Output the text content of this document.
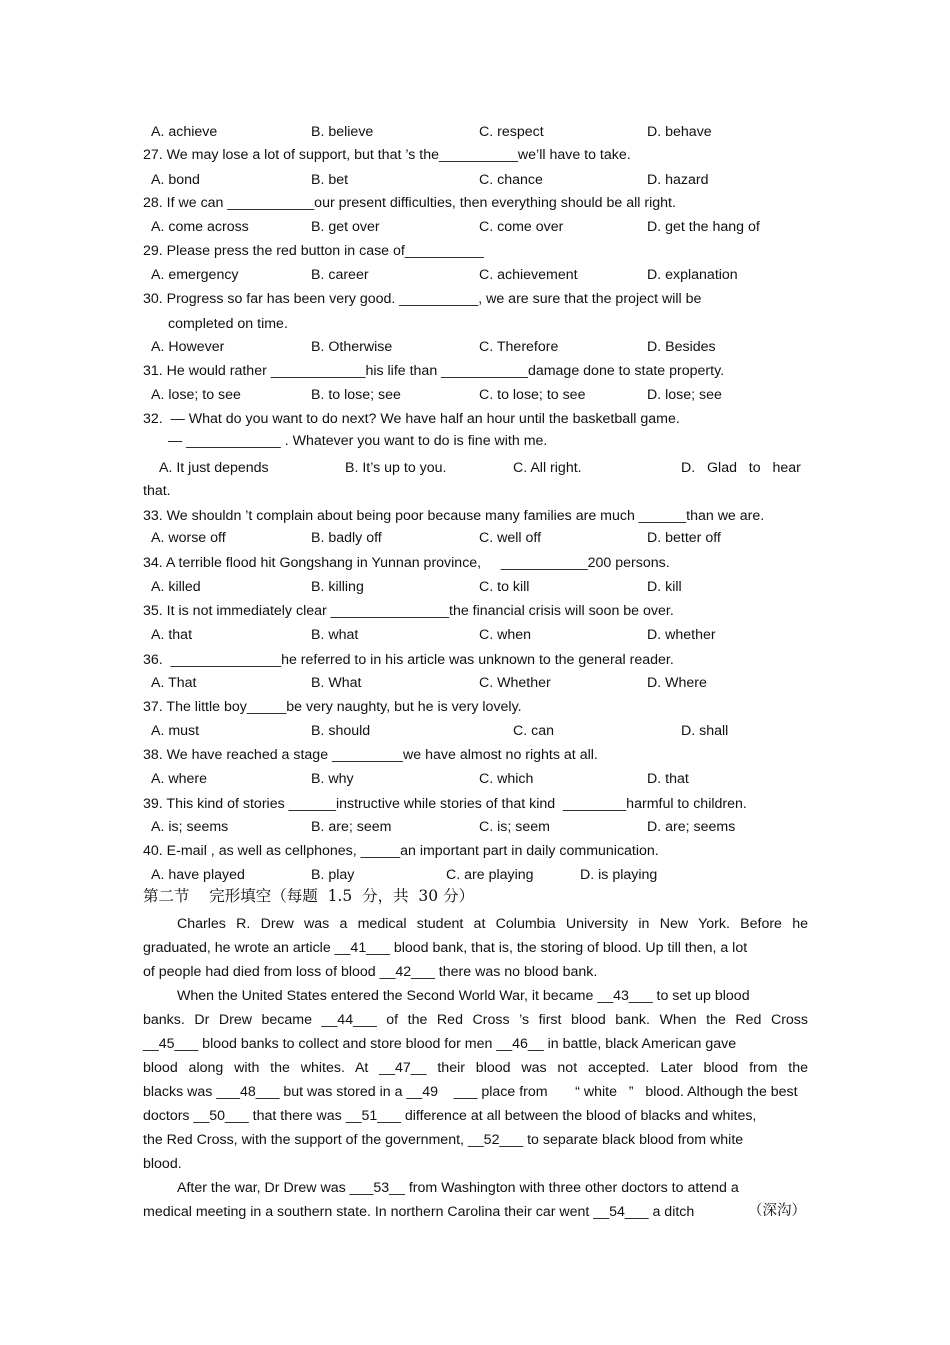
A. achieve	B. believe	C. respect	D. behave
27. We may lose a lot of support, but that ’s the__________we’ll have to take.
A. bond	B. bet	C. chance	D. hazard
28. If we can ___________our present difficulties, then everything should be all right.
A. come across	B. get over	C. come over	D. get the hang of
29. Please press the red button in case of__________
A. emergency	B. career	C. achievement	D. explanation
30. Progress so far has been very good. __________, we are sure that the project will be
completed on time.
A. However	B. Otherwise	C. Therefore	D. Besides
31. He would rather ____________his life than ___________damage done to state property.
A. lose; to see	B. to lose; see	C. to lose; to see	D. lose; see
32.  — What do you want to do next? We have half an hour until the basketball game.
— ____________ . Whatever you want to do is fine with me.
A. It just depends	B. It’s up to you.	C. All right.	D.   Glad   to   hear
that.
33. We shouldn ’t complain about being poor because many families are much ______than we are.
A. worse off	B. badly off	C. well off	D. better off
34. A terrible flood hit Gongshang in Yunnan province,     ___________200 persons.
A. killed	B. killing	C. to kill	D. kill
35. It is not immediately clear _______________the financial crisis will soon be over.
A. that	B. what	C. when	D. whether
36.  ______________he referred to in his article was unknown to the general reader.
A. That	B. What	C. Whether	D. Where
37. The little boy_____be very naughty, but he is very lovely.
A. must	B. should	C. can	D. shall
38. We have reached a stage _________we have almost no rights at all.
A. where	B. why	C. which	D. that
39. This kind of stories ______instructive while stories of that kind  ________harmful to children.
A. is; seems	B. are; seem	C. is; seem	D. are; seems
40. E-mail , as well as cellphones, _____an important part in daily communication.
A. have played	B. play	C. are playing	D. is playing
第二节    完形填空（每题  1.5  分，共  30 分）
Charles R. Drew was a medical student at Columbia University in New York. Before he
graduated, he wrote an article __41___ blood bank, that is, the storing of blood. Up till then, a lot
of people had died from loss of blood __42___ there was no blood bank.
When the United States entered the Second World War, it became __43___ to set up blood
banks. Dr Drew became __44___ of the Red Cross ’s first blood bank. When the Red Cross
__45___ blood banks to collect and store blood for men __46__ in battle, black American gave
blood along with the whites. At __47__ their blood was not accepted. Later blood from the
blacks was ___48___ but was stored in a __49    ___ place from       “ white   ”   blood. Although the best
doctors __50___ that there was __51___ difference at all between the blood of blacks and whites,
the Red Cross, with the support of the government, __52___ to separate black blood from white
blood.
After the war, Dr Drew was ___53__ from Washington with three other doctors to attend a
medical meeting in a southern state. In northern Carolina their car went __54___ a ditch	（深沟）
